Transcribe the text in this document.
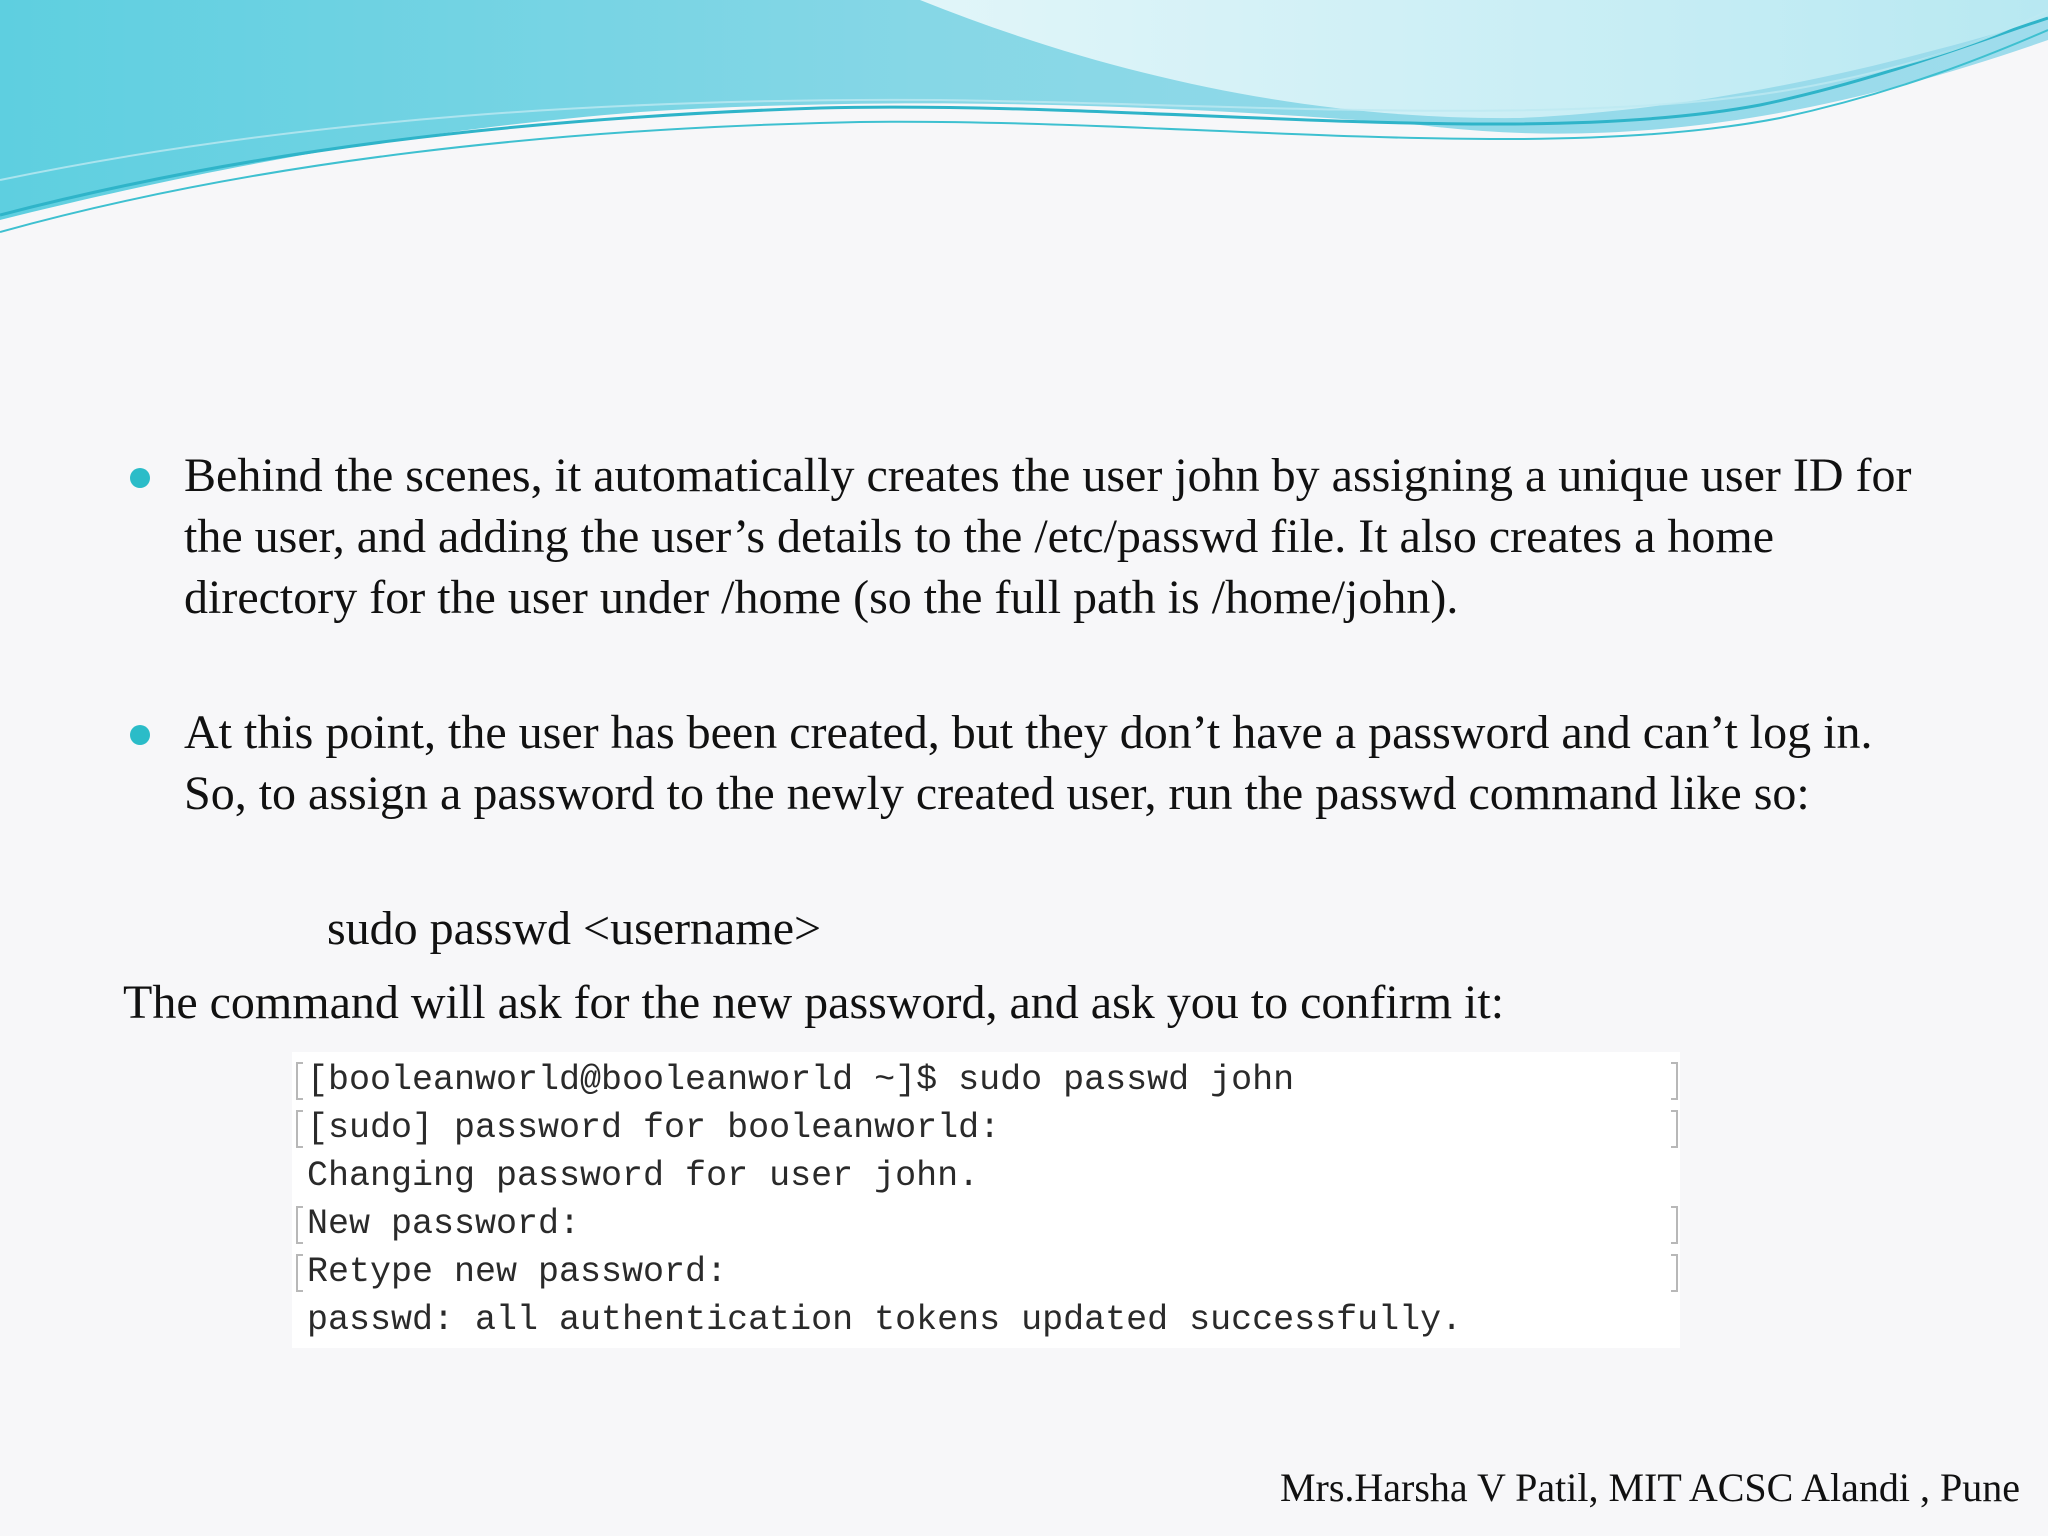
Behind the scenes, it automatically creates the user john by assigning a unique user ID for the user, and adding the user’s details to the /etc/passwd file. It also creates a home directory for the user under /home (so the full path is /home/john).
At this point, the user has been created, but they don’t have a password and can’t log in. So, to assign a password to the newly created user, run the passwd command like so:
sudo passwd <username>
The command will ask for the new password, and ask you to confirm it:
[booleanworld@booleanworld ~]$ sudo passwd john
[sudo] password for booleanworld:
Changing password for user john.
New password:
Retype new password:
passwd: all authentication tokens updated successfully.
Mrs.Harsha V Patil, MIT ACSC Alandi , Pune
